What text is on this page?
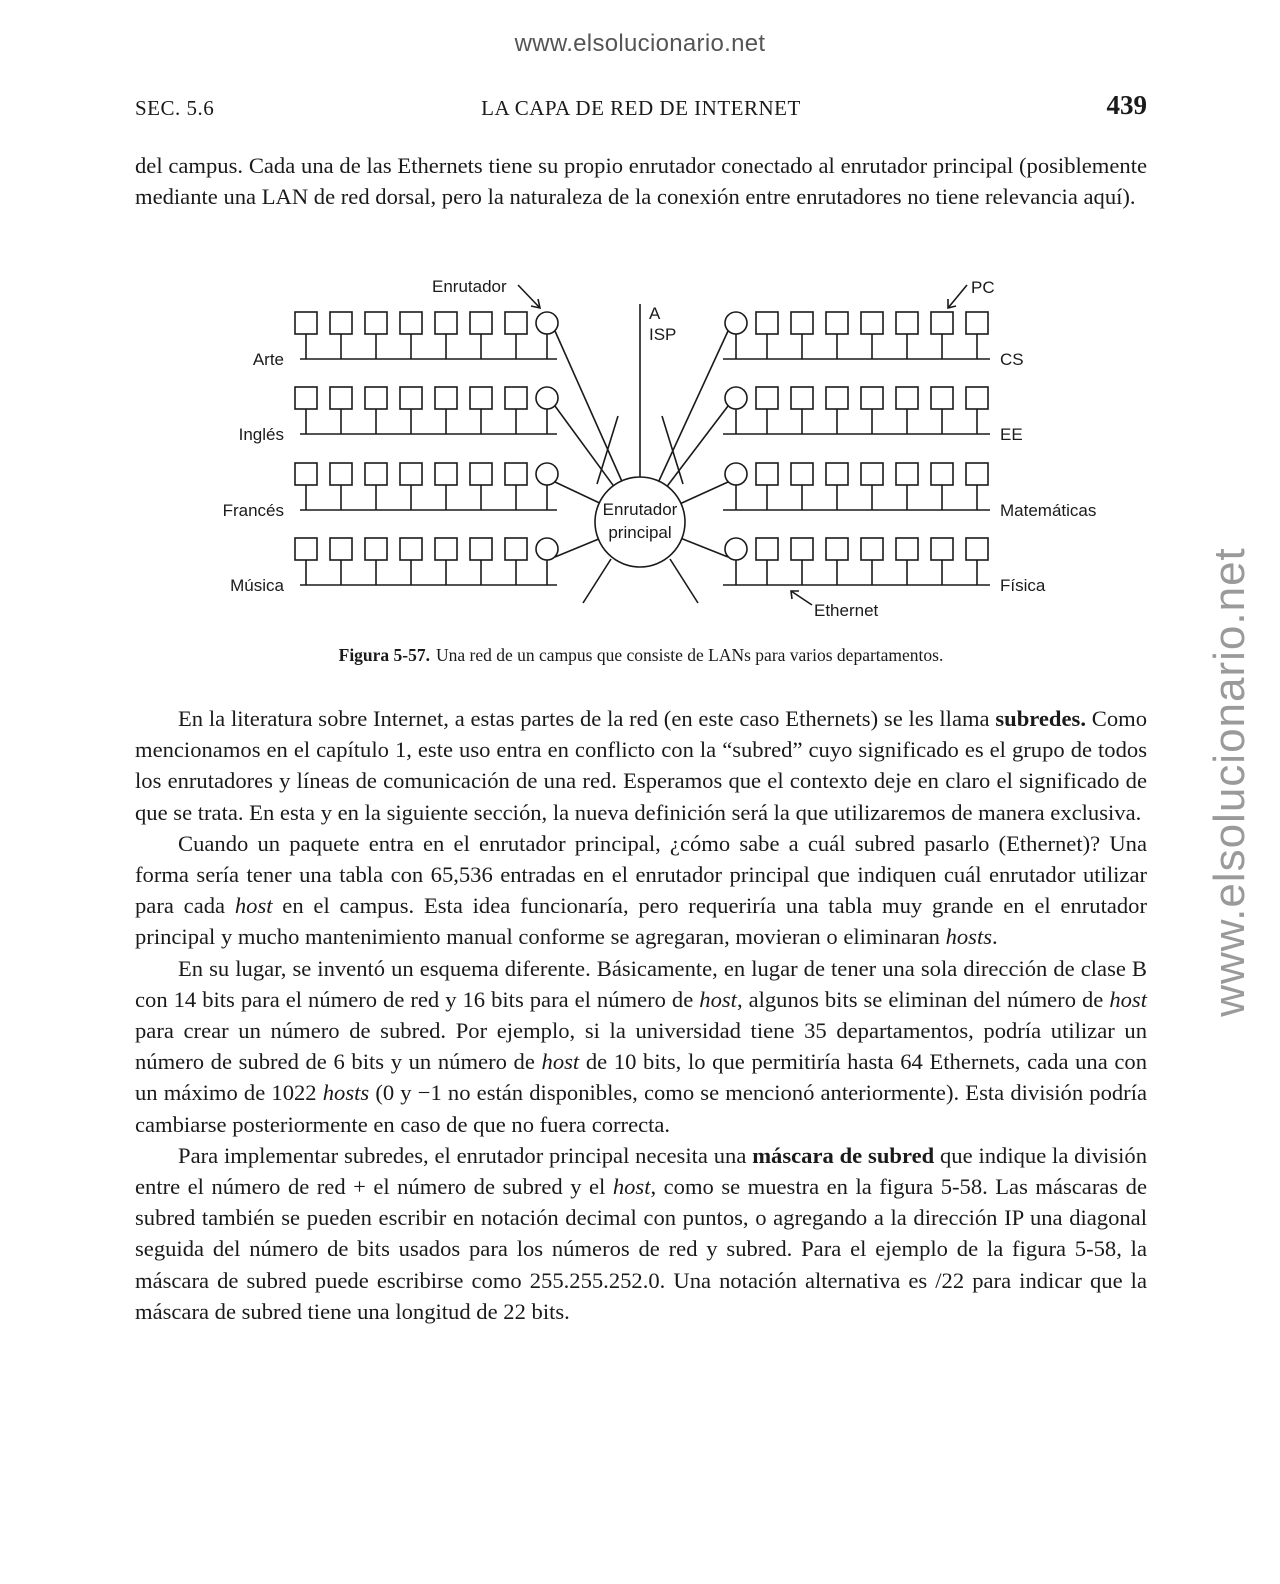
www.elsolucionario.net
www.elsolucionario.net
SEC. 5.6	LA CAPA DE RED DE INTERNET	439

del campus. Cada una de las Ethernets tiene su propio enrutador conectado al enrutador principal (posiblemente mediante una LAN de red dorsal, pero la naturaleza de la conexión entre enrutadores no tiene relevancia aquí).

Enrutador	PC
A
ISP
Enrutador
principal
Ethernet
Arte
Inglés
Francés
Música
CS
EE
Matemáticas
Física
Figura 5-57. Una red de un campus que consiste de LANs para varios departamentos.

En la literatura sobre Internet, a estas partes de la red (en este caso Ethernets) se les llama subredes. Como mencionamos en el capítulo 1, este uso entra en conflicto con la “subred” cuyo significado es el grupo de todos los enrutadores y líneas de comunicación de una red. Esperamos que el contexto deje en claro el significado de que se trata. En esta y en la siguiente sección, la nueva definición será la que utilizaremos de manera exclusiva.

Cuando un paquete entra en el enrutador principal, ¿cómo sabe a cuál subred pasarlo (Ethernet)? Una forma sería tener una tabla con 65,536 entradas en el enrutador principal que indiquen cuál enrutador utilizar para cada host en el campus. Esta idea funcionaría, pero requeriría una tabla muy grande en el enrutador principal y mucho mantenimiento manual conforme se agregaran, movieran o eliminaran hosts.

En su lugar, se inventó un esquema diferente. Básicamente, en lugar de tener una sola dirección de clase B con 14 bits para el número de red y 16 bits para el número de host, algunos bits se eliminan del número de host para crear un número de subred. Por ejemplo, si la universidad tiene 35 departamentos, podría utilizar un número de subred de 6 bits y un número de host de 10 bits, lo que permitiría hasta 64 Ethernets, cada una con un máximo de 1022 hosts (0 y −1 no están disponibles, como se mencionó anteriormente). Esta división podría cambiarse posteriormente en caso de que no fuera correcta.

Para implementar subredes, el enrutador principal necesita una máscara de subred que indique la división entre el número de red + el número de subred y el host, como se muestra en la figura 5-58. Las máscaras de subred también se pueden escribir en notación decimal con puntos, o agregando a la dirección IP una diagonal seguida del número de bits usados para los números de red y subred. Para el ejemplo de la figura 5-58, la máscara de subred puede escribirse como 255.255.252.0. Una notación alternativa es /22 para indicar que la máscara de subred tiene una longitud de 22 bits.
